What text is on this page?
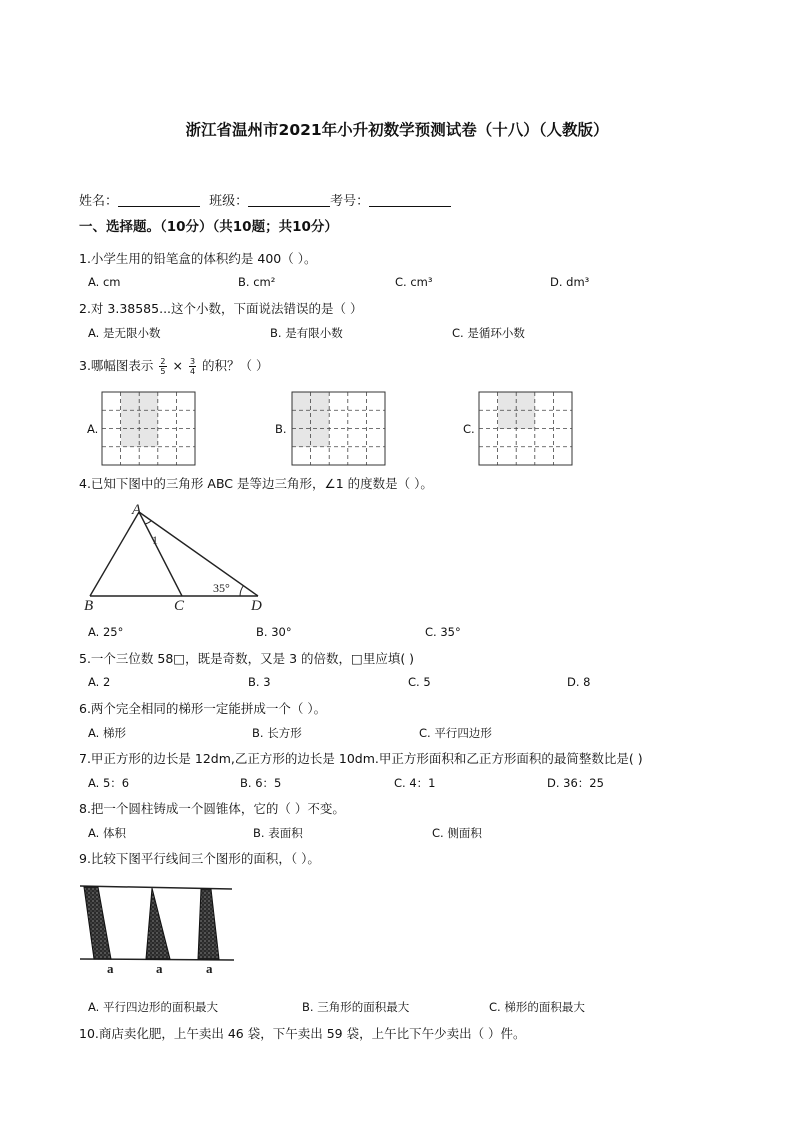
浙江省温州市2021年小升初数学预测试卷（十八）（人教版）
姓名：	班级：	考号：
一、选择题。（10分）（共10题；共10分）
1.小学生用的铅笔盒的体积约是 400（ ）。
A. cm	B. cm²	C. cm³	D. dm³
2.对 3.38585...这个小数，下面说法错误的是（ ）
A. 是无限小数	B. 是有限小数	C. 是循环小数
3.哪幅图表示 $\frac{2}{5} \times \frac{3}{4}$ 的积？（ ）
A.	B.	C.
4.已知下图中的三角形 ABC 是等边三角形，∠1 的度数是（ ）。
A
B	C	D
1
35°
A. 25°	B. 30°	C. 35°
5.一个三位数 58□，既是奇数，又是 3 的倍数，□里应填( )
A. 2	B. 3	C. 5	D. 8
6.两个完全相同的梯形一定能拼成一个（ ）。
A. 梯形	B. 长方形	C. 平行四边形
7.甲正方形的边长是 12dm,乙正方形的边长是 10dm.甲正方形面积和乙正方形面积的最简整数比是( )
A. 5：6	B. 6：5	C. 4：1	D. 36：25
8.把一个圆柱铸成一个圆锥体，它的（ ）不变。
A. 体积	B. 表面积	C. 侧面积
9.比较下图平行线间三个图形的面积，（ ）。
a	a	a
A. 平行四边形的面积最大	B. 三角形的面积最大	C. 梯形的面积最大
10.商店卖化肥，上午卖出 46 袋，下午卖出 59 袋，上午比下午少卖出（ ）件。
